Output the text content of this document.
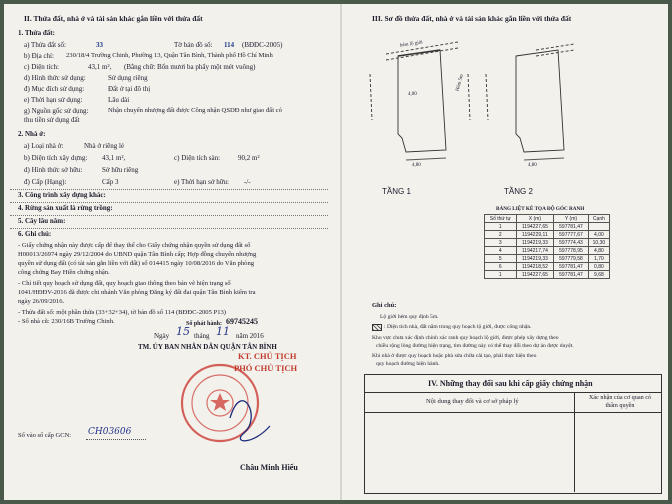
II. Thửa đất, nhà ở và tài sản khác gắn liền với thửa đất
1. Thửa đất:
a) Thửa đất số:	33	Tờ bản đồ số: 114 (BĐĐC-2005)
b) Địa chỉ: 230/18/4 Trường Chinh, Phường 13, Quận Tân Bình, Thành phố Hồ Chí Minh
c) Diện tích:	43,1 m², (Bằng chữ: Bốn mươi ba phẩy một mét vuông)
d) Hình thức sử dụng:	Sử dụng riêng
đ) Mục đích sử dụng:	Đất ở tại đô thị
e) Thời hạn sử dụng:	Lâu dài
g) Nguồn gốc sử dụng:	Nhận chuyển nhượng đất được Công nhận QSDĐ như giao đất có
thu tiền sử dụng đất
2. Nhà ở:
a) Loại nhà ở:	Nhà ở riêng lẻ
b) Diện tích xây dựng: 43,1 m²,	c) Diện tích sàn:	90,2 m²
d) Hình thức sở hữu:	Sở hữu riêng
đ) Cấp (Hạng):	Cấp 3	e) Thời hạn sở hữu: -/-
3. Công trình xây dựng khác:
4. Rừng sản xuất là rừng trồng:
5. Cây lâu năm:
6. Ghi chú:
- Giấy chứng nhận này được cấp để thay thế cho Giấy chứng nhận quyền sử dụng đất số
H00013/26974 ngày 29/12/2004 do UBND quận Tân Bình cấp; Hợp đồng chuyển nhượng
quyền sử dụng đất (có tài sản gắn liền với đất) số 014415 ngày 10/08/2016 do Văn phòng
công chứng Bay Hiền chứng nhận.
- Chỉ tiết quy hoạch sử dụng đất, quy hoạch giao thông theo bản vẽ hiện trạng số
1041/HĐĐV-2016 đã được chi nhánh Văn phòng Đăng ký đất đai quận Tân Bình kiểm tra
ngày 26/09/2016.
- Thửa đất số: một phần thửa (33+32+34), tờ bản đồ số 114 (BĐĐC-2005 P13)
- Số nhà cũ: 230/16B Trường Chinh.
Ngày 15 tháng 11 năm 2016
TM. ỦY BAN NHÂN DÂN QUẬN TÂN BÌNH
KT. CHỦ TỊCH
PHÓ CHỦ TỊCH
Châu Minh Hiếu
Số phát hành: 69745245
Số vào sổ cấp GCN: CH03606
III. Sơ đồ thửa đất, nhà ở và tài sản khác gắn liền với thửa đất
hẻm lộ giới
Hẻm 5m
4,00
4,80	4,80
TẦNG 1	TẦNG 2
BẢNG LIỆT KÊ TỌA ĐỘ GÓC RANH
Số thứ tự	X (m)	Y (m)	Cạnh
1	1194227,65	597781,47	
2	1194229,11	597777,67	4,00
3	1194219,33	597774,43	10,30
4	1194217,74	597778,95	4,80
5	1194219,33	597779,58	1,70
6	1194218,52	597781,47	0,80
1	1194227,65	597781,47	9,68
Ghi chú:
Lộ giới hẻm quy định 5m.
: Diện tích nhà, đất nằm trong quy hoạch lộ giới, được công nhận.
Khu vực chưa xác định chính xác ranh quy hoạch lộ giới, được phép xây dựng theo
chiều rộng lòng đường hiện trạng, tìm đường này có thể thay đổi theo dự án được duyệt.
Khi nhà ở được quy hoạch hoặc phù sửa chữa cải tạo, phải thực hiện theo
quy hoạch đường hiện hành.
IV. Những thay đổi sau khi cấp giấy chứng nhận
Nội dung thay đổi và cơ sở pháp lý
Xác nhận của cơ quan có thẩm quyền
